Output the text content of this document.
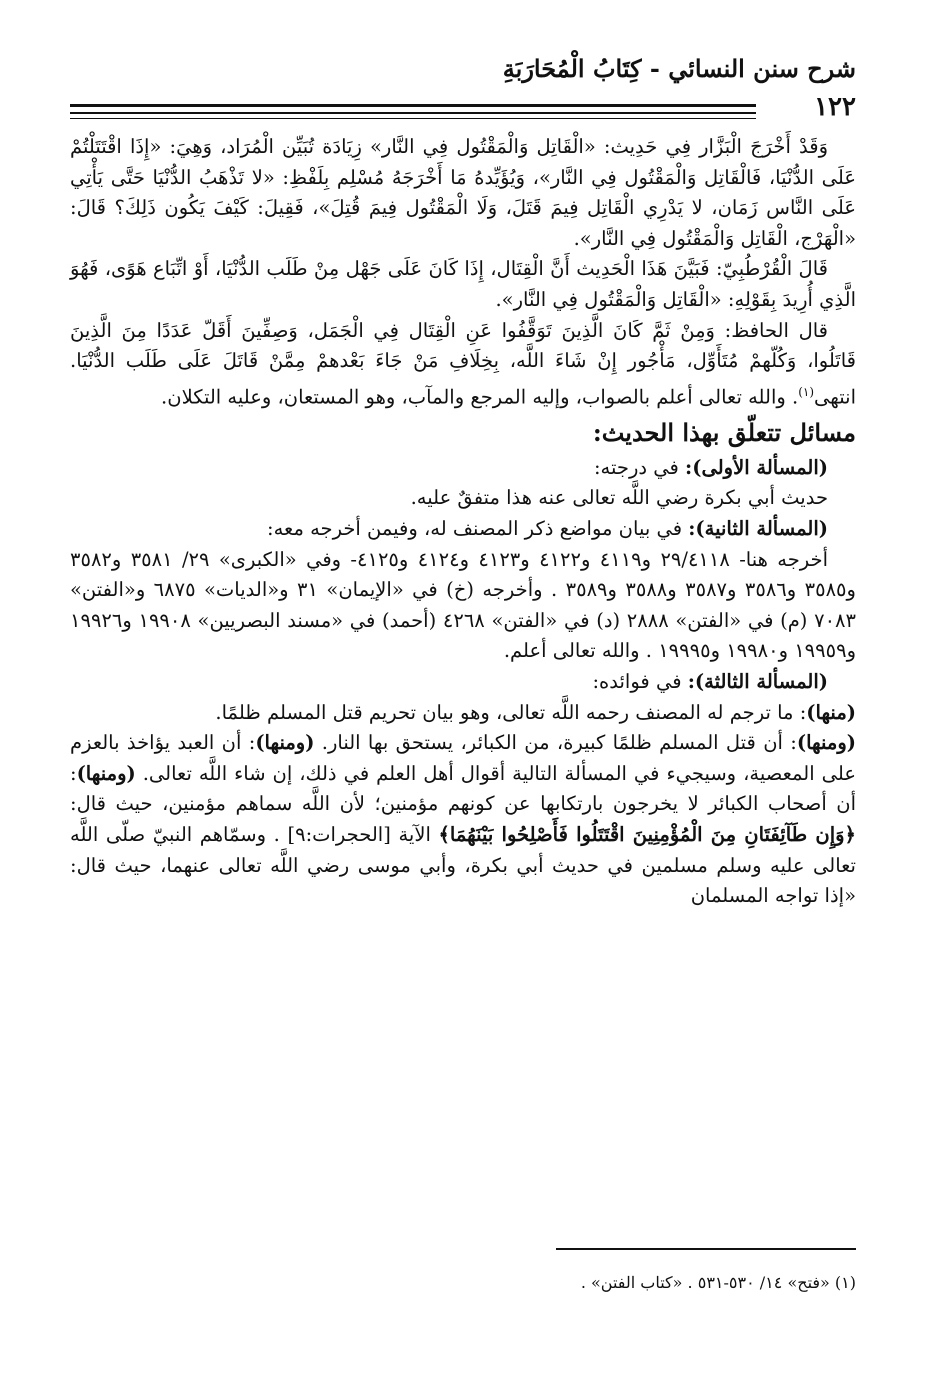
شرح سنن النسائي - كِتَابُ الْمُحَارَبَةِ
١٢٢

وَقَدْ أَخْرَجَ الْبَزَّار فِي حَدِيث: «الْقَاتِل وَالْمَقْتُول فِي النَّار» زِيَادَة تُبَيِّن الْمُرَاد، وَهِيَ: «إِذَا اقْتَتَلْتُمْ عَلَى الدُّنْيَا، فَالْقَاتِل وَالْمَقْتُول فِي النَّار»، وَيُؤَيِّدهُ مَا أَخْرَجَهُ مُسْلِم بِلَفْظِ: «لا تَذْهَبُ الدُّنْيَا حَتَّى يَأْتِي عَلَى النَّاس زَمَان، لا يَدْرِي الْقَاتِل فِيمَ قَتَلَ، وَلَا الْمَقْتُول فِيمَ قُتِلَ»، فَقِيلَ: كَيْفَ يَكُون ذَلِكَ؟ قَالَ: «الْهَرْج، الْقَاتِل وَالْمَقْتُول فِي النَّار».

قَالَ الْقُرْطُبِيّ: فَبَيَّنَ هَذَا الْحَدِيث أَنَّ الْقِتَال، إِذَا كَانَ عَلَى جَهْل مِنْ طَلَب الدُّنْيَا، أَوْ اتِّبَاع هَوًى، فَهُوَ الَّذِي أُرِيدَ بِقَوْلِهِ: «الْقَاتِل وَالْمَقْتُول فِي النَّار».

قال الحافظ: وَمِنْ ثَمَّ كَانَ الَّذِينَ تَوَقَّفُوا عَنِ الْقِتَال فِي الْجَمَل، وَصِفِّينَ أَقَلّ عَدَدًا مِنَ الَّذِينَ قَاتَلُوا، وَكُلّهمْ مُتَأَوِّل، مَأْجُور إِنْ شَاءَ اللَّه، بِخِلَافِ مَنْ جَاءَ بَعْدهمْ مِمَّنْ قَاتَلَ عَلَى طَلَب الدُّنْيَا. انتهى$^{(١)}$. والله تعالى أعلم بالصواب، وإليه المرجع والمآب، وهو المستعان، وعليه التكلان.

مسائل تتعلّق بهذا الحديث:

(المسألة الأولى): في درجته:

حديث أبي بكرة رضي اللَّه تعالى عنه هذا متفقٌ عليه.

(المسألة الثانية): في بيان مواضع ذكر المصنف له، وفيمن أخرجه معه:

أخرجه هنا- ٢٩/٤١١٨ و٤١١٩ و٤١٢٢ و٤١٢٣ و٤١٢٤ و٤١٢٥- وفي «الكبرى» ٢٩/ ٣٥٨١ و٣٥٨٢ و٣٥٨٥ و٣٥٨٦ و٣٥٨٧ و٣٥٨٨ و٣٥٨٩ . وأخرجه (خ) في «الإيمان» ٣١ و«الديات» ٦٨٧٥ و«الفتن» ٧٠٨٣ (م) في «الفتن» ٢٨٨٨ (د) في «الفتن» ٤٢٦٨ (أحمد) في «مسند البصريين» ١٩٩٠٨ و١٩٩٢٦ و١٩٩٥٩ و١٩٩٨٠ و١٩٩٩٥ . والله تعالى أعلم.

(المسألة الثالثة): في فوائده:

(منها): ما ترجم له المصنف رحمه اللَّه تعالى، وهو بيان تحريم قتل المسلم ظلمًا.

(ومنها): أن قتل المسلم ظلمًا كبيرة، من الكبائر، يستحق بها النار. (ومنها): أن العبد يؤاخذ بالعزم على المعصية، وسيجيء في المسألة التالية أقوال أهل العلم في ذلك، إن شاء اللَّه تعالى. (ومنها): أن أصحاب الكبائر لا يخرجون بارتكابها عن كونهم مؤمنين؛ لأن اللَّه سماهم مؤمنين، حيث قال: ﴿وَإِن طَآئِفَتَانِ مِنَ الْمُؤْمِنِينَ اقْتَتَلُوا فَأَصْلِحُوا بَيْنَهُمَا﴾ الآية [الحجرات:٩] . وسمّاهم النبيّ صلّى اللَّه تعالى عليه وسلم مسلمين في حديث أبي بكرة، وأبي موسى رضي اللَّه تعالى عنهما، حيث قال: «إذا تواجه المسلمان

(١) «فتح» ١٤/ ٥٣٠-٥٣١ . «كتاب الفتن» .
